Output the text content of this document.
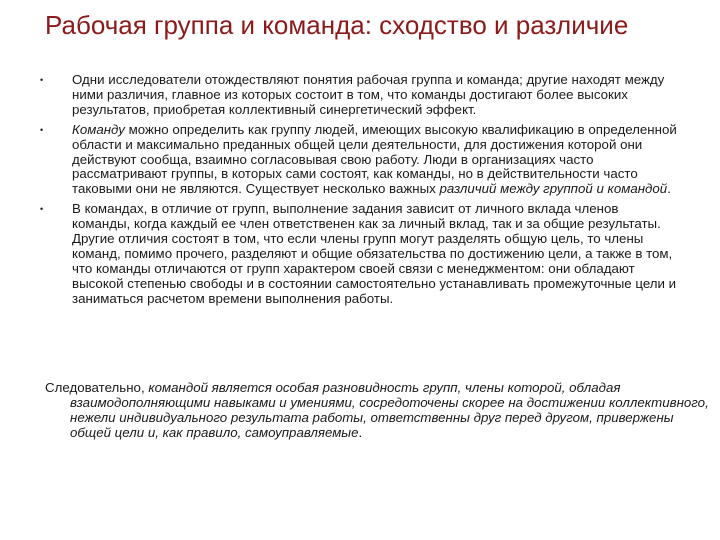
Рабочая группа и команда: сходство и различие
• Одни исследователи отождествляют понятия рабочая группа и команда; другие находят между ними различия, главное из которых состоит в том, что команды достигают более высоких результатов, приобретая коллективный синергетический эффект.
• Команду можно определить как группу людей, имеющих высокую квалификацию в определенной области и максимально преданных общей цели деятельности, для достижения которой они действуют сообща, взаимно согласовывая свою работу. Люди в организациях часто рассматривают группы, в которых сами состоят, как команды, но в действительности часто таковыми они не являются. Существует несколько важных различий между группой и командой.
• В командах, в отличие от групп, выполнение задания зависит от личного вклада членов команды, когда каждый ее член ответственен как за личный вклад, так и за общие результаты. Другие отличия состоят в том, что если члены групп могут разделять общую цель, то члены команд, помимо прочего, разделяют и общие обязательства по достижению цели, а также в том, что команды отличаются от групп характером своей связи с менеджментом: они обладают высокой степенью свободы и в состоянии самостоятельно устанавливать промежуточные цели и заниматься расчетом времени выполнения работы.

Следовательно, командой является особая разновидность групп, члены которой, обладая взаимодополняющими навыками и умениями, сосредоточены скорее на достижении коллективного, нежели индивидуального результата работы, ответственны друг перед другом, привержены общей цели и, как правило, самоуправляемые.
